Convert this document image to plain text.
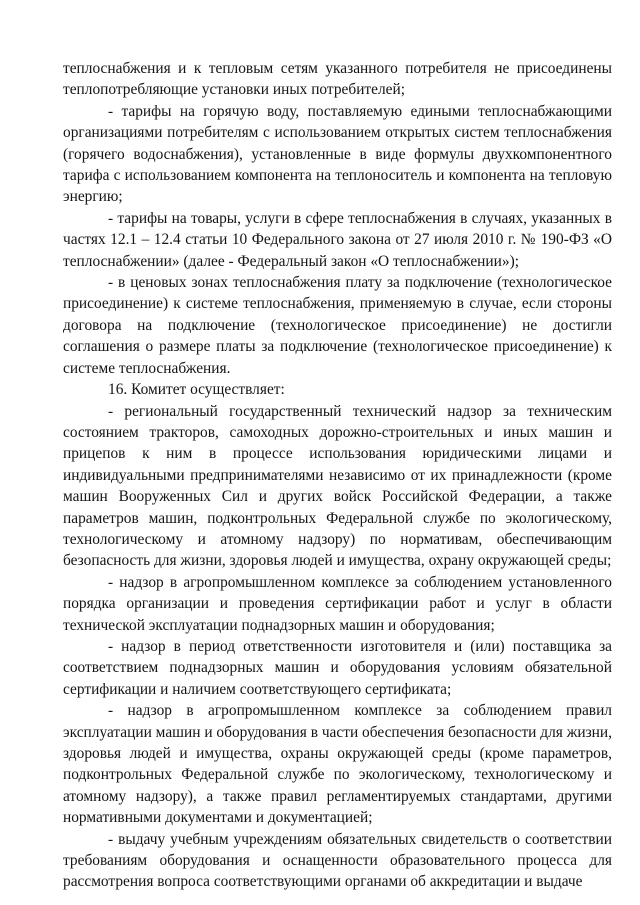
теплоснабжения и к тепловым сетям указанного потребителя не присоединены теплопотребляющие установки иных потребителей;

- тарифы на горячую воду, поставляемую едиными теплоснабжающими организациями потребителям с использованием открытых систем теплоснабжения (горячего водоснабжения), установленные в виде формулы двухкомпонентного тарифа с использованием компонента на теплоноситель и компонента на тепловую энергию;

- тарифы на товары, услуги в сфере теплоснабжения в случаях, указанных в частях 12.1 – 12.4 статьи 10 Федерального закона от 27 июля 2010 г. № 190-ФЗ «О теплоснабжении» (далее - Федеральный закон «О теплоснабжении»);

- в ценовых зонах теплоснабжения плату за подключение (технологическое присоединение) к системе теплоснабжения, применяемую в случае, если стороны договора на подключение (технологическое присоединение) не достигли соглашения о размере платы за подключение (технологическое присоединение) к системе теплоснабжения.

16. Комитет осуществляет:

- региональный государственный технический надзор за техническим состоянием тракторов, самоходных дорожно-строительных и иных машин и прицепов к ним в процессе использования юридическими лицами и индивидуальными предпринимателями независимо от их принадлежности (кроме машин Вооруженных Сил и других войск Российской Федерации, а также параметров машин, подконтрольных Федеральной службе по экологическому, технологическому и атомному надзору) по нормативам, обеспечивающим безопасность для жизни, здоровья людей и имущества, охрану окружающей среды;

- надзор в агропромышленном комплексе за соблюдением установленного порядка организации и проведения сертификации работ и услуг в области технической эксплуатации поднадзорных машин и оборудования;

- надзор в период ответственности изготовителя и (или) поставщика за соответствием поднадзорных машин и оборудования условиям обязательной сертификации и наличием соответствующего сертификата;

- надзор в агропромышленном комплексе за соблюдением правил эксплуатации машин и оборудования в части обеспечения безопасности для жизни, здоровья людей и имущества, охраны окружающей среды (кроме параметров, подконтрольных Федеральной службе по экологическому, технологическому и атомному надзору), а также правил регламентируемых стандартами, другими нормативными документами и документацией;

- выдачу учебным учреждениям обязательных свидетельств о соответствии требованиям оборудования и оснащенности образовательного процесса для рассмотрения вопроса соответствующими органами об аккредитации и выдаче
